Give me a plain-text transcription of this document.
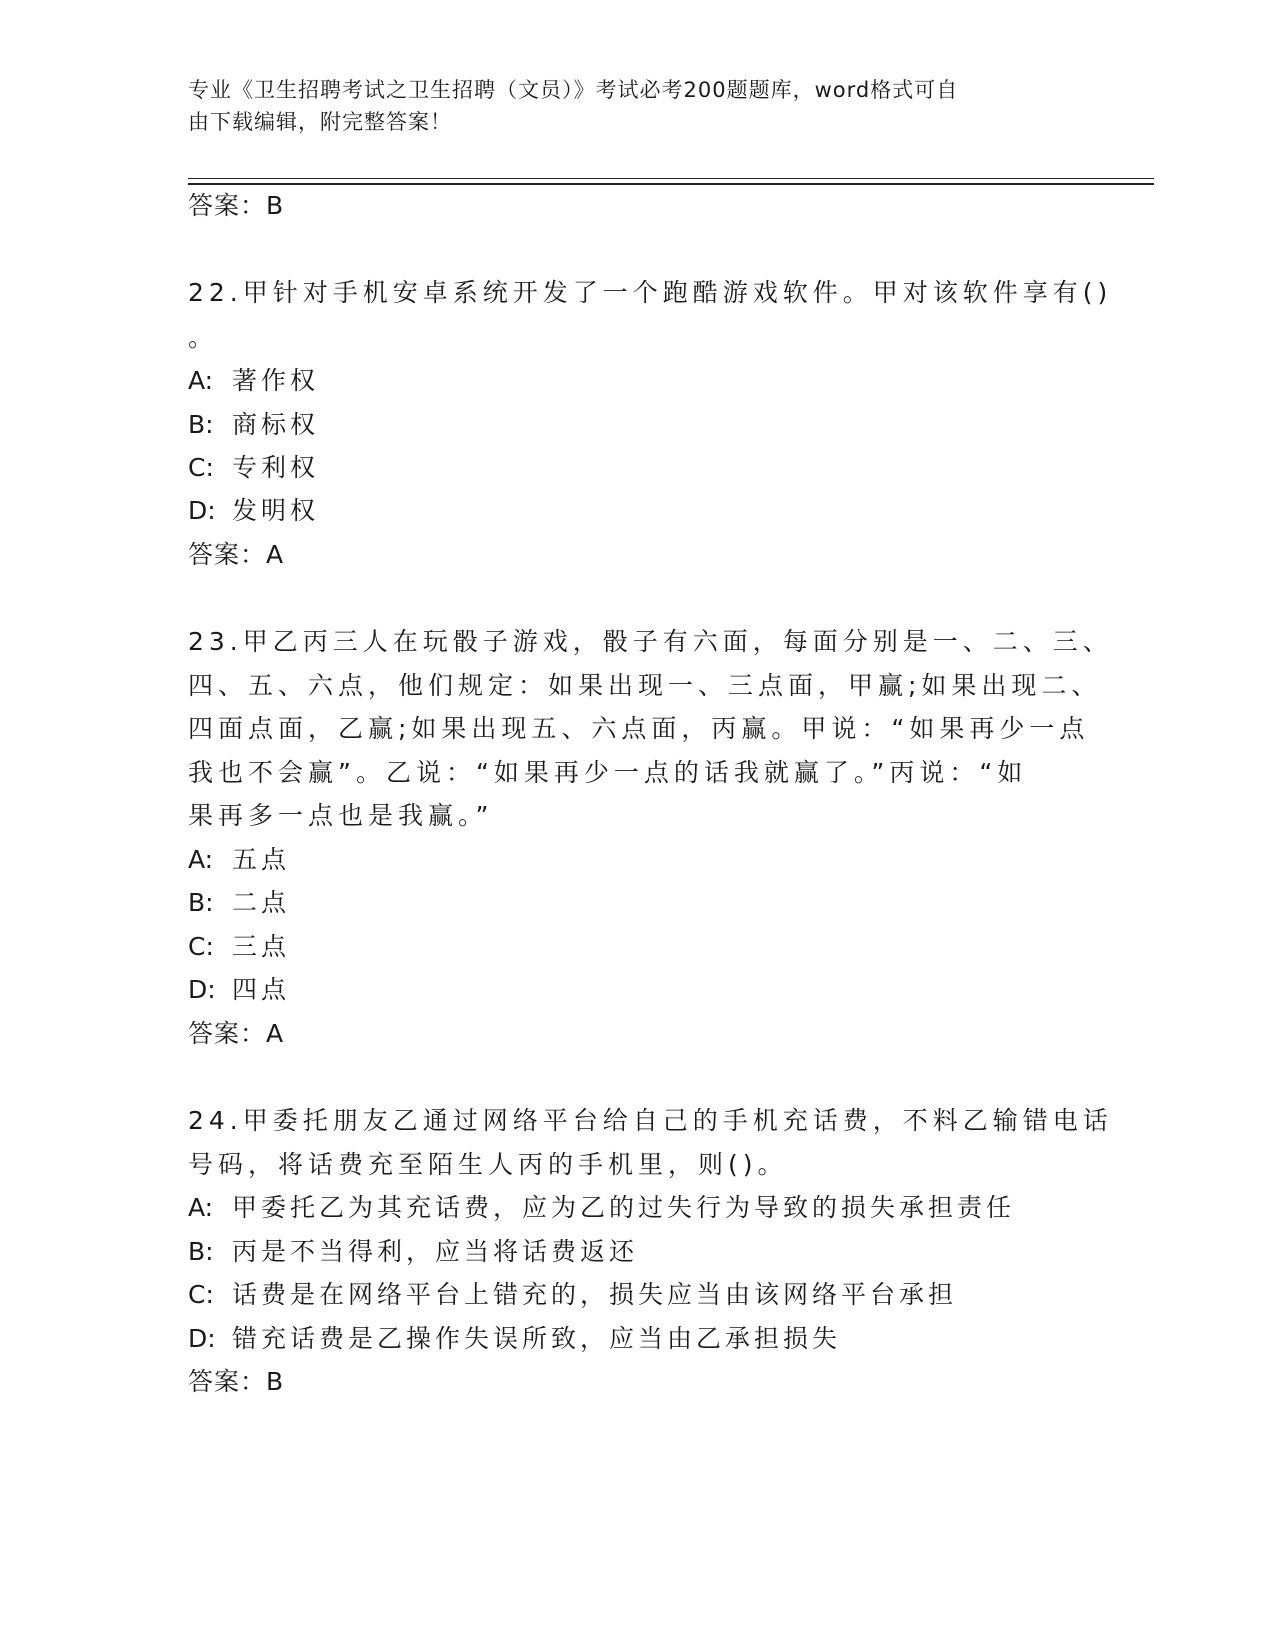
专业《卫生招聘考试之卫生招聘（文员）》考试必考200题题库，word格式可自
由下载编辑，附完整答案！
答案：B
22.甲针对手机安卓系统开发了一个跑酷游戏软件。甲对该软件享有()
。
A: 著作权
B: 商标权
C: 专利权
D: 发明权
答案：A
23.甲乙丙三人在玩骰子游戏，骰子有六面，每面分别是一、二、三、
四、五、六点，他们规定：如果出现一、三点面，甲赢;如果出现二、
四面点面，乙赢;如果出现五、六点面，丙赢。甲说：“如果再少一点
我也不会赢”。乙说：“如果再少一点的话我就赢了。”丙说：“如
果再多一点也是我赢。”
A: 五点
B: 二点
C: 三点
D: 四点
答案：A
24.甲委托朋友乙通过网络平台给自己的手机充话费，不料乙输错电话
号码，将话费充至陌生人丙的手机里，则()。
A: 甲委托乙为其充话费，应为乙的过失行为导致的损失承担责任
B: 丙是不当得利，应当将话费返还
C: 话费是在网络平台上错充的，损失应当由该网络平台承担
D: 错充话费是乙操作失误所致，应当由乙承担损失
答案：B
